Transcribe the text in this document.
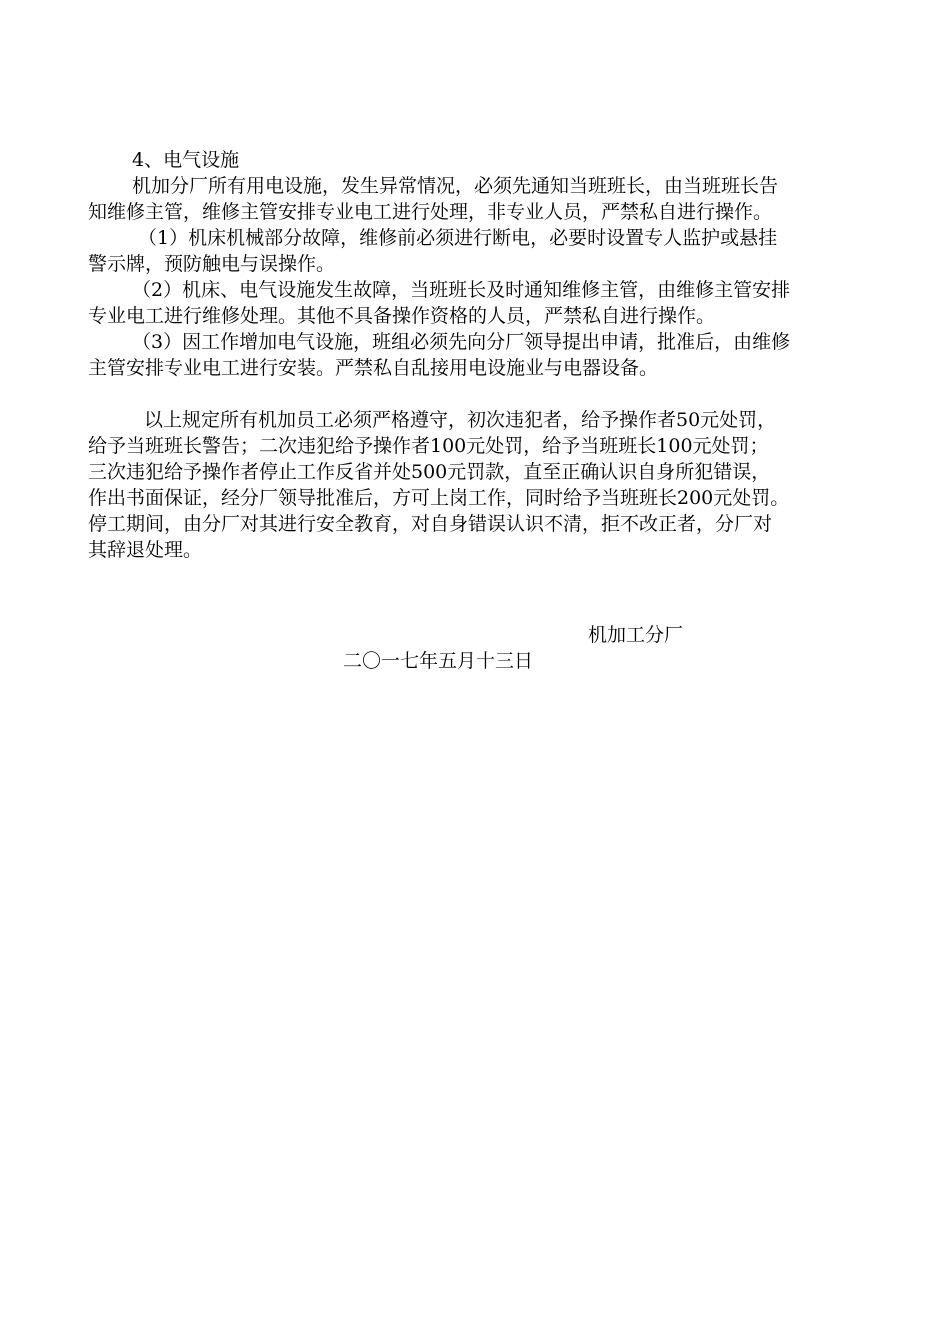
4、电气设施
机加分厂所有用电设施，发生异常情况，必须先通知当班班长，由当班班长告
知维修主管，维修主管安排专业电工进行处理，非专业人员，严禁私自进行操作。
（1）机床机械部分故障，维修前必须进行断电，必要时设置专人监护或悬挂
警示牌，预防触电与误操作。
（2）机床、电气设施发生故障，当班班长及时通知维修主管，由维修主管安排
专业电工进行维修处理。其他不具备操作资格的人员，严禁私自进行操作。
（3）因工作增加电气设施，班组必须先向分厂领导提出申请，批准后，由维修
主管安排专业电工进行安装。严禁私自乱接用电设施业与电器设备。
以上规定所有机加员工必须严格遵守，初次违犯者，给予操作者50元处罚，
给予当班班长警告；二次违犯给予操作者100元处罚，给予当班班长100元处罚；
三次违犯给予操作者停止工作反省并处500元罚款，直至正确认识自身所犯错误，
作出书面保证，经分厂领导批准后，方可上岗工作，同时给予当班班长200元处罚。
停工期间，由分厂对其进行安全教育，对自身错误认识不清，拒不改正者，分厂对
其辞退处理。
机加工分厂
二〇一七年五月十三日
